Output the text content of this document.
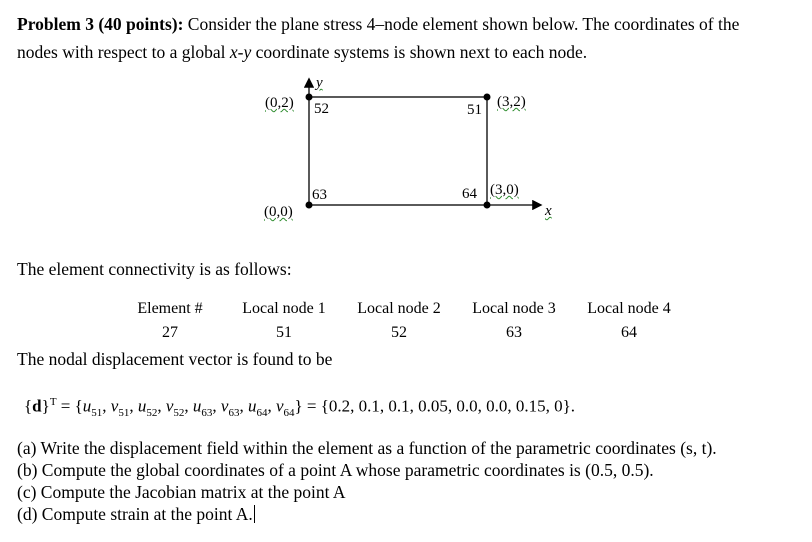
Problem 3 (40 points): Consider the plane stress 4–node element shown below. The coordinates of the
nodes with respect to a global x-y coordinate systems is shown next to each node.
y
x
(0,2) 52	51 (3,2)
64 (3,0)
63
(0,0)
The element connectivity is as follows:
Element #	Local node 1	Local node 2	Local node 3	Local node 4
27	51	52	63	64
The nodal displacement vector is found to be
$\{d\}^T = \{u_{51}$, $v_{51}$, $u_{52}$, $v_{52}$, $u_{63}$, $v_{63}$, $u_{64}$, $v_{64}\} = \{0.2$, 0.1, 0.1, 0.05, 0.0, 0.0, 0.15, 0}.
(a) Write the displacement field within the element as a function of the parametric coordinates (s, t).
(b) Compute the global coordinates of a point A whose parametric coordinates is (0.5, 0.5).
(c) Compute the Jacobian matrix at the point A
(d) Compute strain at the point A.
